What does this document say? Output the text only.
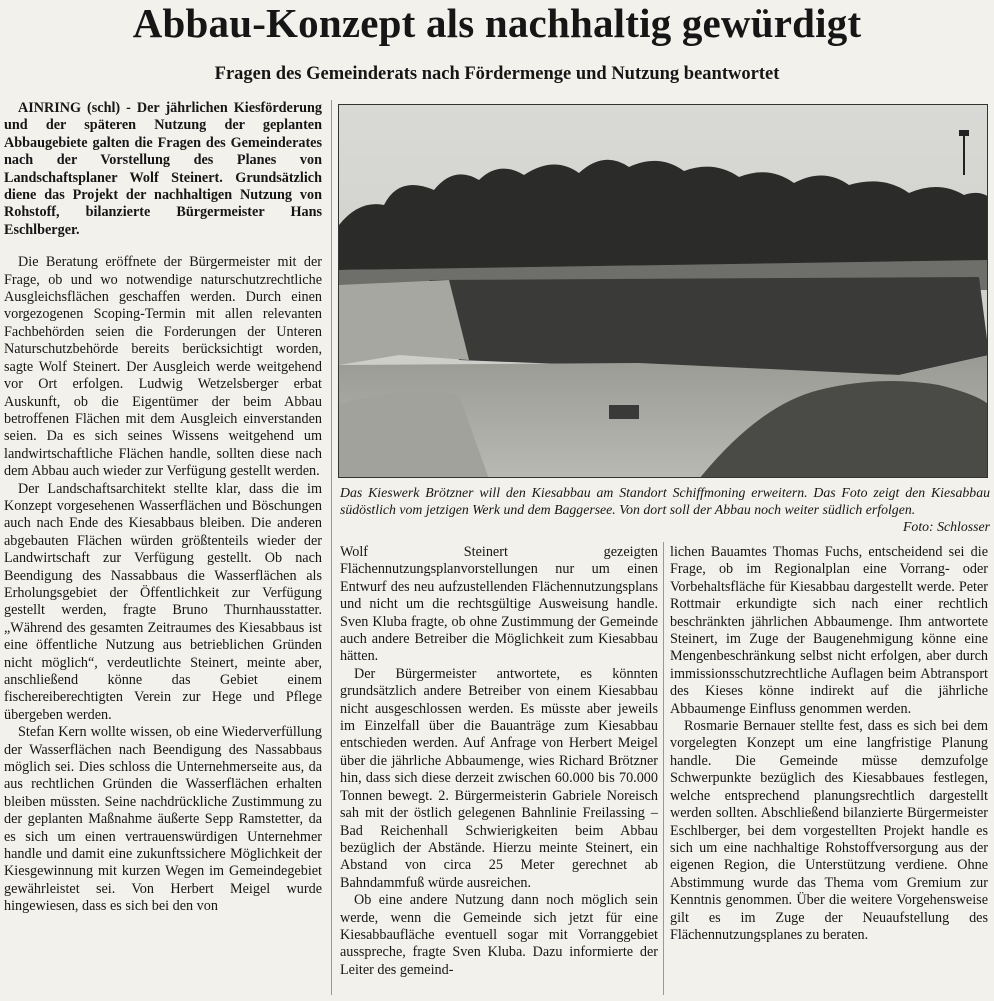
Abbau-Konzept als nachhaltig gewürdigt
Fragen des Gemeinderats nach Fördermenge und Nutzung beantwortet

AINRING (schl) - Der jährlichen Kiesförderung und der späteren Nutzung der geplanten Abbaugebiete galten die Fragen des Gemeinderates nach der Vorstellung des Planes von Landschaftsplaner Wolf Steinert. Grundsätzlich diene das Projekt der nachhaltigen Nutzung von Rohstoff, bilanzierte Bürgermeister Hans Eschlberger.

Die Beratung eröffnete der Bürgermeister mit der Frage, ob und wo notwendige naturschutzrechtliche Ausgleichsflächen geschaffen werden. Durch einen vorgezogenen Scoping-Termin mit allen relevanten Fachbehörden seien die Forderungen der Unteren Naturschutzbehörde bereits berücksichtigt worden, sagte Wolf Steinert. Der Ausgleich werde weitgehend vor Ort erfolgen. Ludwig Wetzelsberger erbat Auskunft, ob die Eigentümer der beim Abbau betroffenen Flächen mit dem Ausgleich einverstanden seien. Da es sich seines Wissens weitgehend um landwirtschaftliche Flächen handle, sollten diese nach dem Abbau auch wieder zur Verfügung gestellt werden.

Der Landschaftsarchitekt stellte klar, dass die im Konzept vorgesehenen Wasserflächen und Böschungen auch nach Ende des Kiesabbaus bleiben. Die anderen abgebauten Flächen würden größtenteils wieder der Landwirtschaft zur Verfügung gestellt. Ob nach Beendigung des Nassabbaus die Wasserflächen als Erholungsgebiet der Öffentlichkeit zur Verfügung gestellt werden, fragte Bruno Thurnhausstatter. „Während des gesamten Zeitraumes des Kiesabbaus ist eine öffentliche Nutzung aus betrieblichen Gründen nicht möglich“, verdeutlichte Steinert, meinte aber, anschließend könne das Gebiet einem fischereiberechtigten Verein zur Hege und Pflege übergeben werden.

Stefan Kern wollte wissen, ob eine Wiederverfüllung der Wasserflächen nach Beendigung des Nassabbaus möglich sei. Dies schloss die Unternehmerseite aus, da aus rechtlichen Gründen die Wasserflächen erhalten bleiben müssten. Seine nachdrückliche Zustimmung zu der geplanten Maßnahme äußerte Sepp Ramstetter, da es sich um einen vertrauenswürdigen Unternehmer handle und damit eine zukunftssichere Möglichkeit der Kiesgewinnung mit kurzen Wegen im Gemeindegebiet gewährleistet sei. Von Herbert Meigel wurde hingewiesen, dass es sich bei den von

Das Kieswerk Brötzner will den Kiesabbau am Standort Schiffmoning erweitern. Das Foto zeigt den Kiesabbau südöstlich vom jetzigen Werk und dem Baggersee. Von dort soll der Abbau noch weiter südlich erfolgen.
Foto: Schlosser

Wolf Steinert gezeigten Flächennutzungsplanvorstellungen nur um einen Entwurf des neu aufzustellenden Flächennutzungsplans und nicht um die rechtsgültige Ausweisung handle. Sven Kluba fragte, ob ohne Zustimmung der Gemeinde auch andere Betreiber die Möglichkeit zum Kiesabbau hätten.

Der Bürgermeister antwortete, es könnten grundsätzlich andere Betreiber von einem Kiesabbau nicht ausgeschlossen werden. Es müsste aber jeweils im Einzelfall über die Bauanträge zum Kiesabbau entschieden werden. Auf Anfrage von Herbert Meigel über die jährliche Abbaumenge, wies Richard Brötzner hin, dass sich diese derzeit zwischen 60.000 bis 70.000 Tonnen bewegt. 2. Bürgermeisterin Gabriele Noreisch sah mit der östlich gelegenen Bahnlinie Freilassing – Bad Reichenhall Schwierigkeiten beim Abbau bezüglich der Abstände. Hierzu meinte Steinert, ein Abstand von circa 25 Meter gerechnet ab Bahndammfuß würde ausreichen.

Ob eine andere Nutzung dann noch möglich sein werde, wenn die Gemeinde sich jetzt für eine Kiesabbaufläche eventuell sogar mit Vorranggebiet ausspreche, fragte Sven Kluba. Dazu informierte der Leiter des gemeind-

lichen Bauamtes Thomas Fuchs, entscheidend sei die Frage, ob im Regionalplan eine Vorrang- oder Vorbehaltsfläche für Kiesabbau dargestellt werde. Peter Rottmair erkundigte sich nach einer rechtlich beschränkten jährlichen Abbaumenge. Ihm antwortete Steinert, im Zuge der Baugenehmigung könne eine Mengenbeschränkung selbst nicht erfolgen, aber durch immissionsschutzrechtliche Auflagen beim Abtransport des Kieses könne indirekt auf die jährliche Abbaumenge Einfluss genommen werden.

Rosmarie Bernauer stellte fest, dass es sich bei dem vorgelegten Konzept um eine langfristige Planung handle. Die Gemeinde müsse demzufolge Schwerpunkte bezüglich des Kiesabbaues festlegen, welche entsprechend planungsrechtlich dargestellt werden sollten. Abschließend bilanzierte Bürgermeister Eschlberger, bei dem vorgestellten Projekt handle es sich um eine nachhaltige Rohstoffversorgung aus der eigenen Region, die Unterstützung verdiene. Ohne Abstimmung wurde das Thema vom Gremium zur Kenntnis genommen. Über die weitere Vorgehensweise gilt es im Zuge der Neuaufstellung des Flächennutzungsplanes zu beraten.
